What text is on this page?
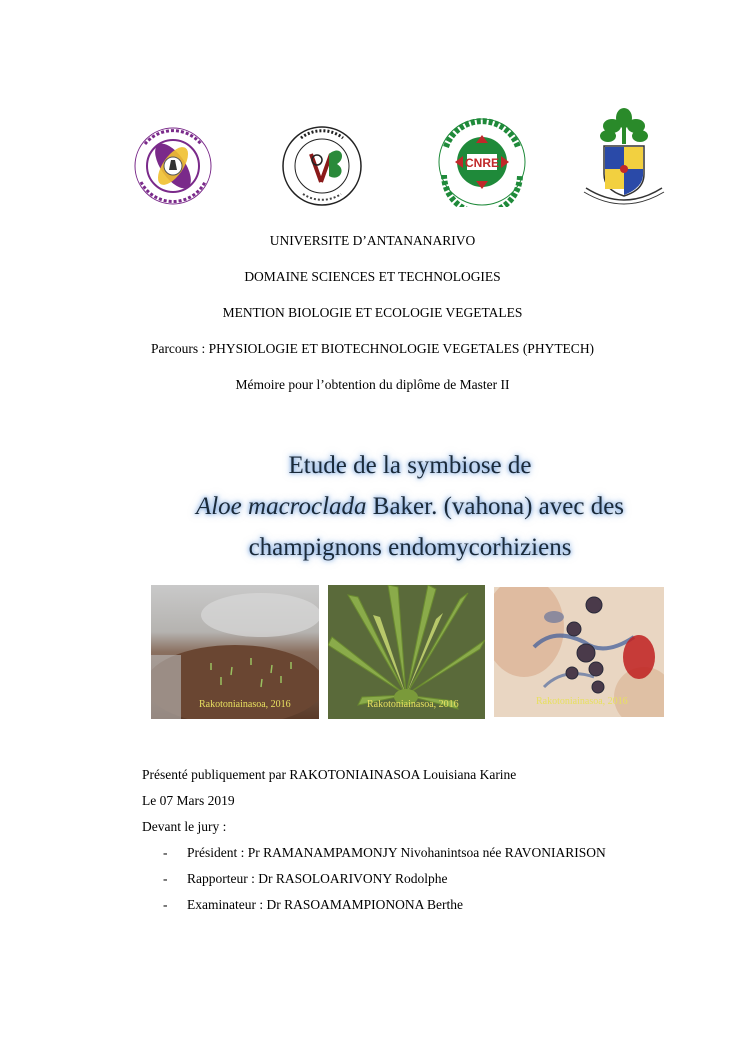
CNRE
UNIVERSITE D’ANTANANARIVO
DOMAINE SCIENCES ET TECHNOLOGIES
MENTION BIOLOGIE ET ECOLOGIE VEGETALES
Parcours : PHYSIOLOGIE ET BIOTECHNOLOGIE VEGETALES (PHYTECH)
Mémoire pour l’obtention du diplôme de Master II
Etude de la symbiose de
Aloe macroclada Baker. (vahona) avec des
champignons endomycorhiziens
Rakotoniainasoa, 2016	Rakotoniainasoa, 2016	Rakotoniainasoa, 2016
Présenté publiquement par RAKOTONIAINASOA Louisiana Karine
Le 07 Mars 2019
Devant le jury :
- Président : Pr RAMANAMPAMONJY Nivohanintsoa née RAVONIARISON
- Rapporteur : Dr RASOLOARIVONY Rodolphe
- Examinateur : Dr RASOAMAMPIONONA Berthe
